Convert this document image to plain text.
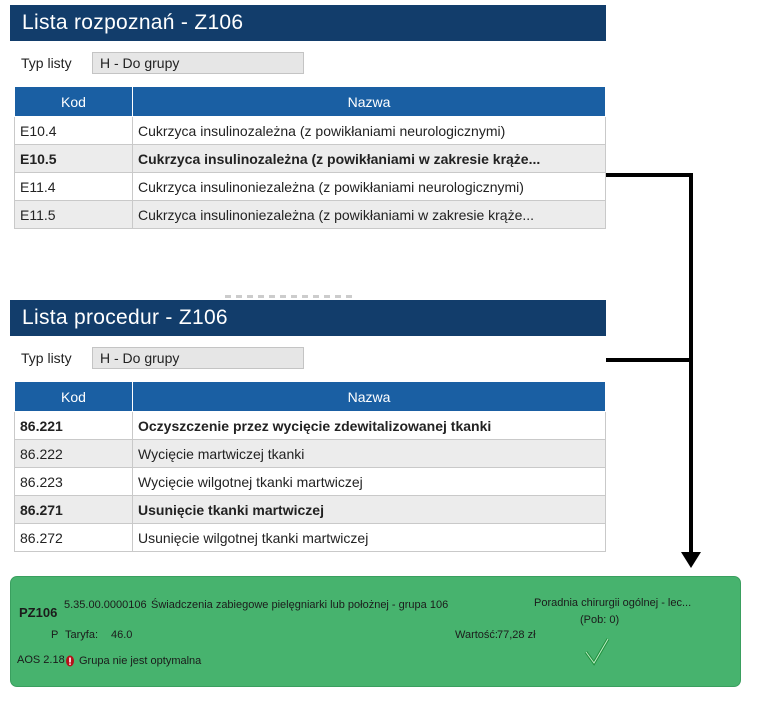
Lista rozpoznań - Z106
Typ listy	H - Do grupy
Kod	Nazwa
E10.4	Cukrzyca insulinozależna (z powikłaniami neurologicznymi)
E10.5	Cukrzyca insulinozależna (z powikłaniami w zakresie krąże...
E11.4	Cukrzyca insulinoniezależna (z powikłaniami neurologicznymi)
E11.5	Cukrzyca insulinoniezależna (z powikłaniami w zakresie krąże...
Lista procedur - Z106
Typ listy	H - Do grupy
Kod	Nazwa
86.221	Oczyszczenie przez wycięcie zdewitalizowanej tkanki
86.222	Wycięcie martwiczej tkanki
86.223	Wycięcie wilgotnej tkanki martwiczej
86.271	Usunięcie tkanki martwiczej
86.272	Usunięcie wilgotnej tkanki martwiczej
PZ106 5.35.00.0000106 Świadczenia zabiegowe pielęgniarki lub położnej - grupa 106
P Taryfa: 46.0
AOS 2.18 Grupa nie jest optymalna
Wartość: 77,28 zł
Poradnia chirurgii ogólnej - lec...
(Pob: 0)
